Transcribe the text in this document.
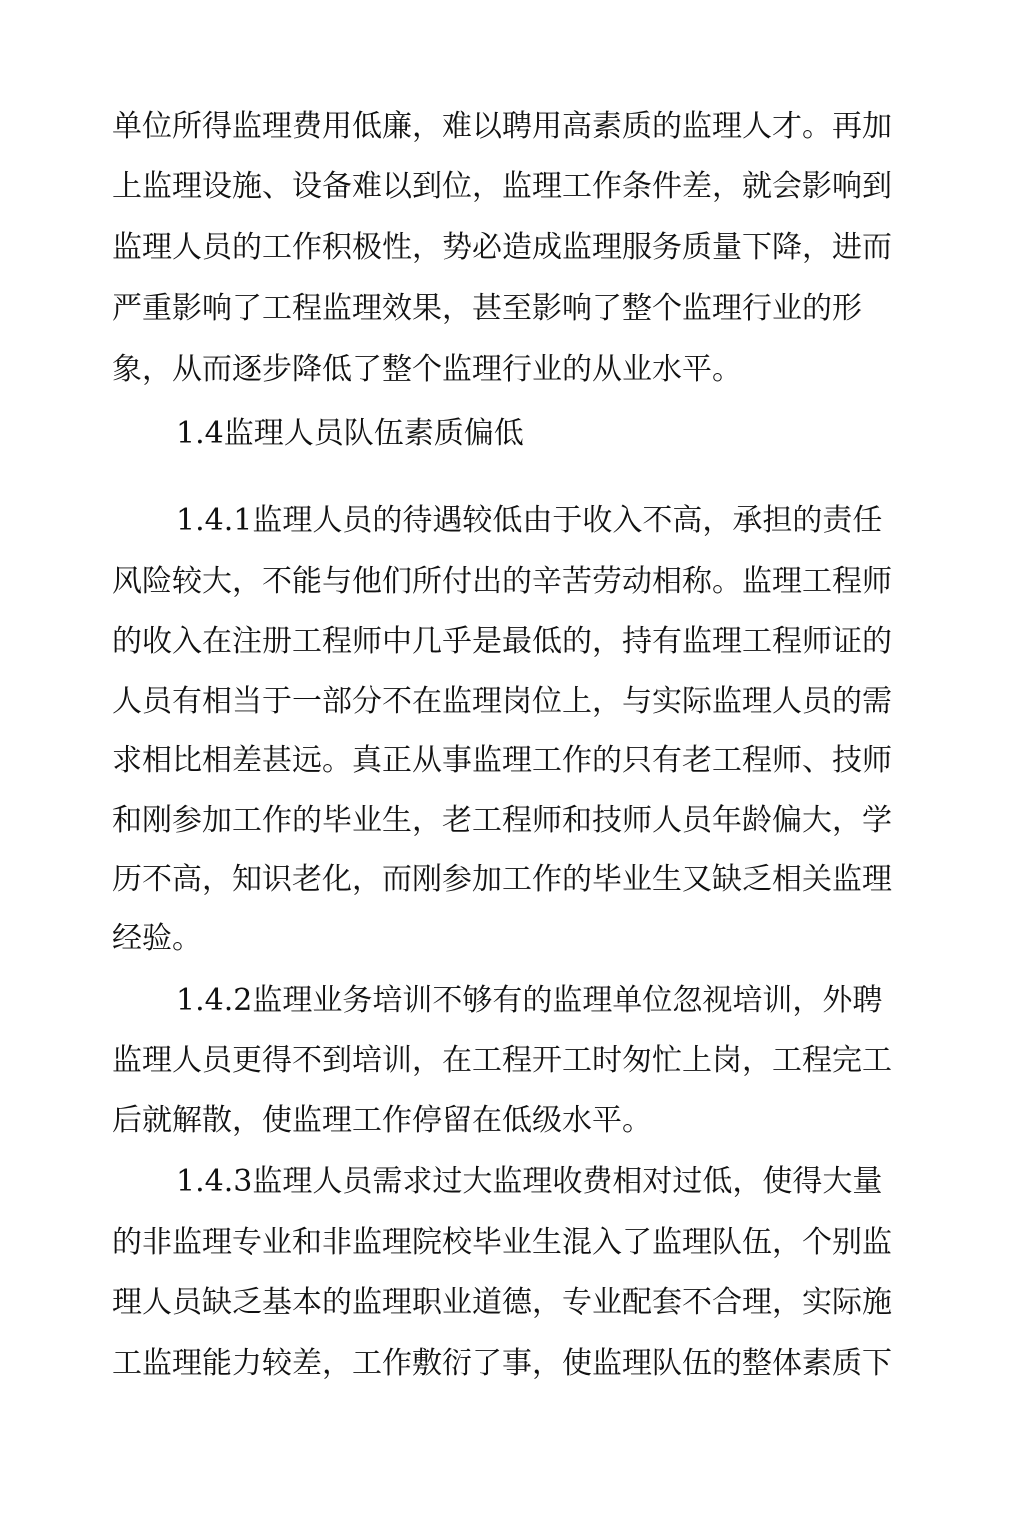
单位所得监理费用低廉，难以聘用高素质的监理人才。再加

上监理设施、设备难以到位，监理工作条件差，就会影响到

监理人员的工作积极性，势必造成监理服务质量下降，进而

严重影响了工程监理效果，甚至影响了整个监理行业的形

象，从而逐步降低了整个监理行业的从业水平。

1.4监理人员队伍素质偏低

1.4.1监理人员的待遇较低由于收入不高，承担的责任

风险较大，不能与他们所付出的辛苦劳动相称。监理工程师

的收入在注册工程师中几乎是最低的，持有监理工程师证的

人员有相当于一部分不在监理岗位上，与实际监理人员的需

求相比相差甚远。真正从事监理工作的只有老工程师、技师

和刚参加工作的毕业生，老工程师和技师人员年龄偏大，学

历不高，知识老化，而刚参加工作的毕业生又缺乏相关监理

经验。

1.4.2监理业务培训不够有的监理单位忽视培训，外聘

监理人员更得不到培训，在工程开工时匆忙上岗，工程完工

后就解散，使监理工作停留在低级水平。

1.4.3监理人员需求过大监理收费相对过低，使得大量

的非监理专业和非监理院校毕业生混入了监理队伍，个别监

理人员缺乏基本的监理职业道德，专业配套不合理，实际施

工监理能力较差，工作敷衍了事，使监理队伍的整体素质下
